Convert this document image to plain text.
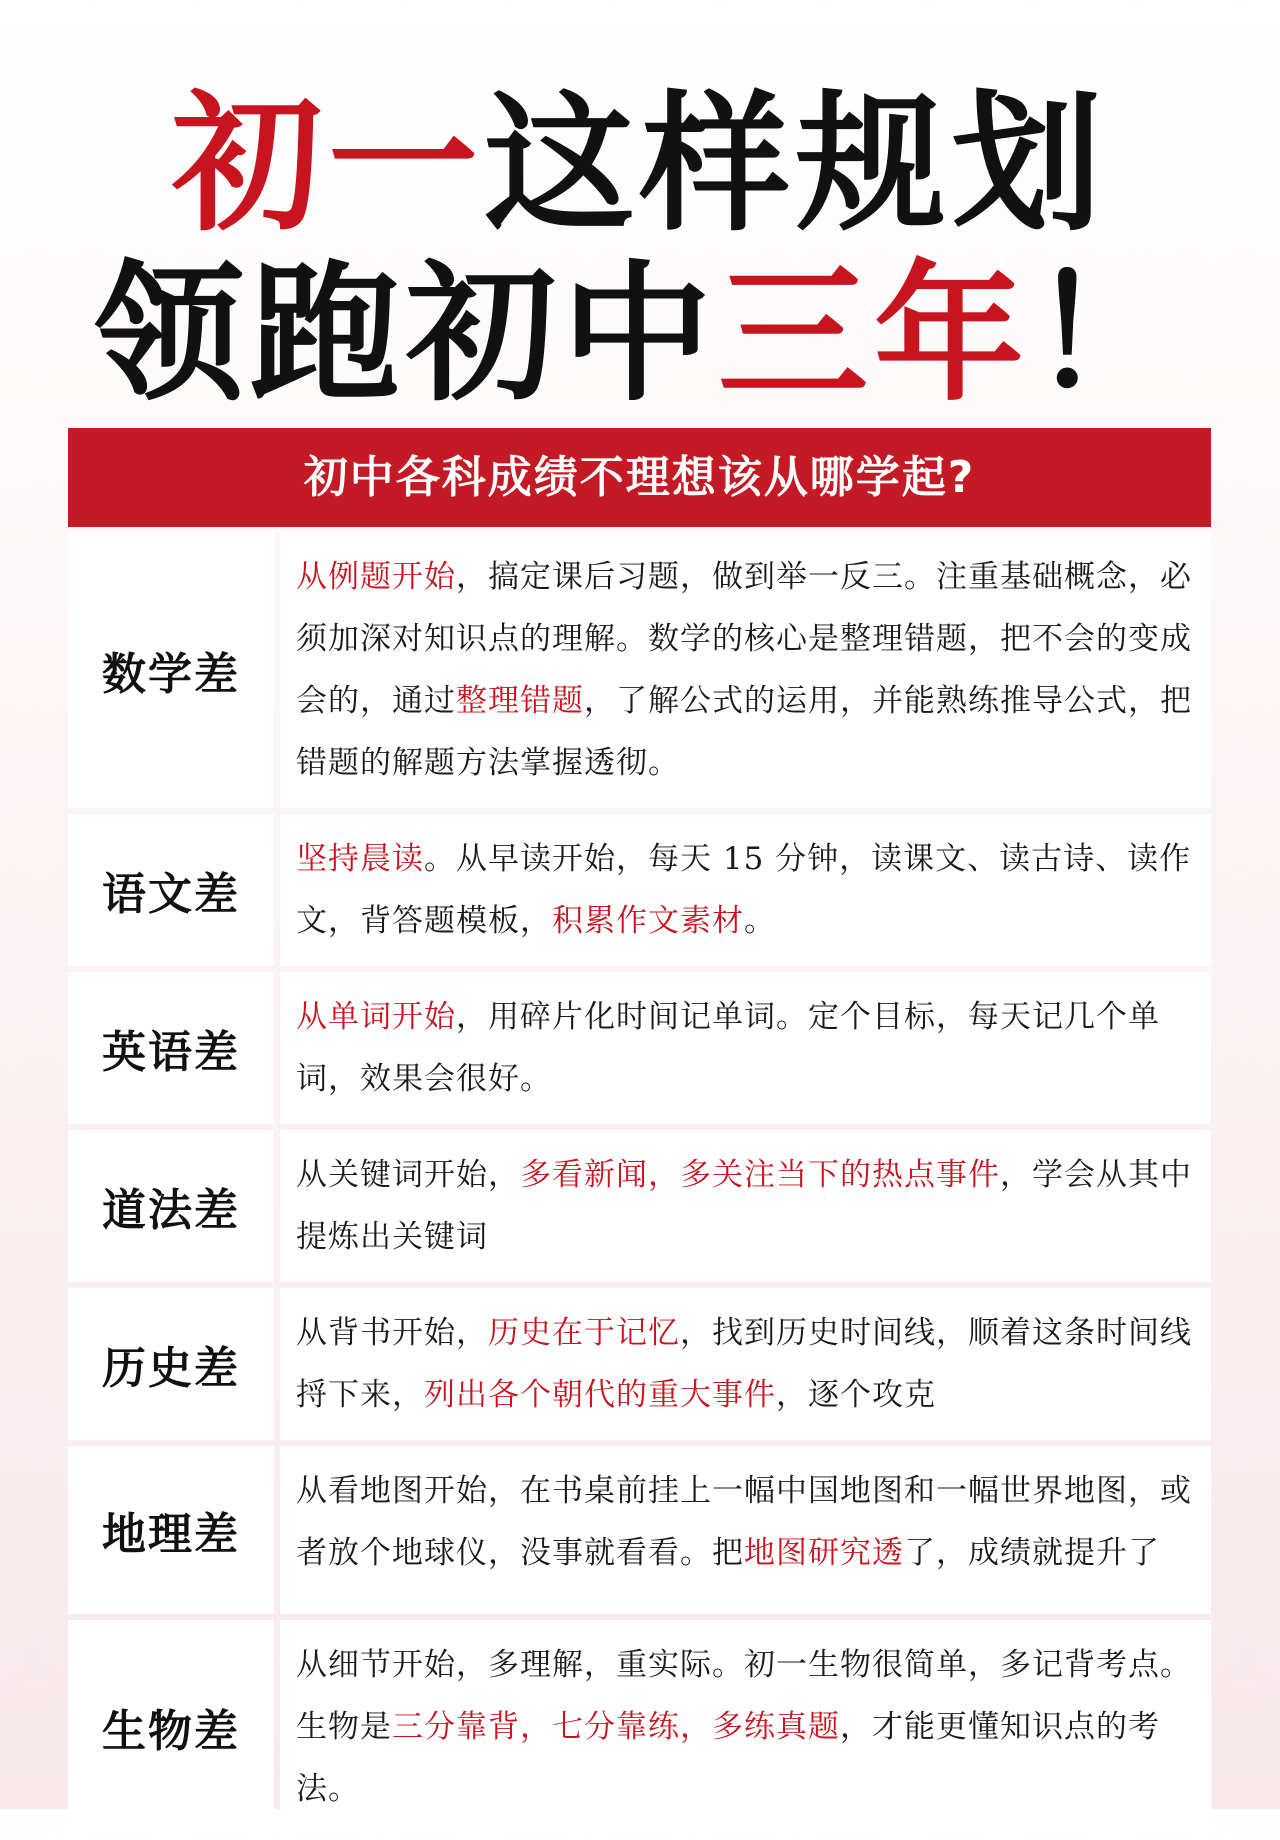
初一这样规划
领跑初中三年！
初中各科成绩不理想该从哪学起?
数学差
从例题开始，搞定课后习题，做到举一反三。注重基础概念，必须加深对知识点的理解。数学的核心是整理错题，把不会的变成会的，通过整理错题，了解公式的运用，并能熟练推导公式，把错题的解题方法掌握透彻。
语文差
坚持晨读。从早读开始，每天 15 分钟，读课文、读古诗、读作文，背答题模板，积累作文素材。
英语差
从单词开始，用碎片化时间记单词。定个目标，每天记几个单词，效果会很好。
道法差
从关键词开始，多看新闻，多关注当下的热点事件，学会从其中提炼出关键词
历史差
从背书开始，历史在于记忆，找到历史时间线，顺着这条时间线捋下来，列出各个朝代的重大事件，逐个攻克
地理差
从看地图开始，在书桌前挂上一幅中国地图和一幅世界地图，或者放个地球仪，没事就看看。把地图研究透了，成绩就提升了
生物差
从细节开始，多理解，重实际。初一生物很简单，多记背考点。生物是三分靠背，七分靠练，多练真题，才能更懂知识点的考法。
